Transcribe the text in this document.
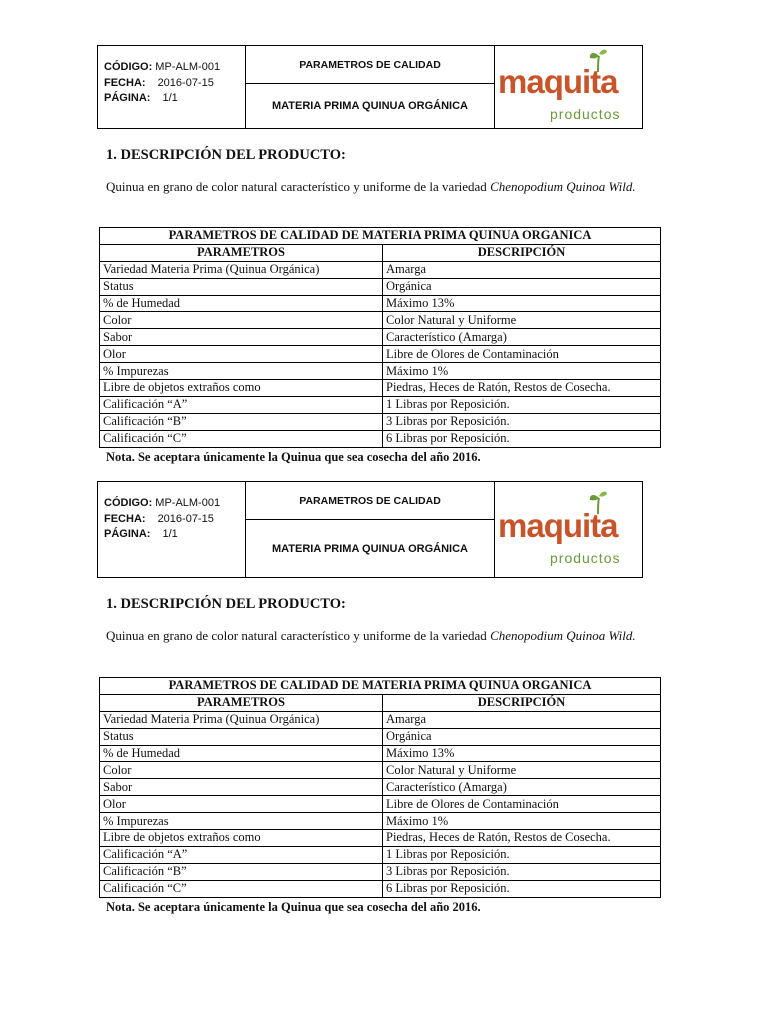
CÓDIGO: MP-ALM-001
FECHA: 2016-07-15
PÁGINA: 1/1
PARAMETROS DE CALIDAD
MATERIA PRIMA QUINUA ORGÁNICA
maquita
productos
1. DESCRIPCIÓN DEL PRODUCTO:
Quinua en grano de color natural característico y uniforme de la variedad Chenopodium Quinoa Wild.
PARAMETROS DE CALIDAD DE MATERIA PRIMA QUINUA ORGANICA	
PARAMETROS	DESCRIPCIÓN
Variedad Materia Prima (Quinua Orgánica)	Amarga
Status	Orgánica
% de Humedad	Máximo 13%
Color	Color Natural y Uniforme
Sabor	Característico (Amarga)
Olor	Libre de Olores de Contaminación
% Impurezas	Máximo 1%
Libre de objetos extraños como	Piedras, Heces de Ratón, Restos de Cosecha.
Calificación “A”	1 Libras por Reposición.
Calificación “B”	3 Libras por Reposición.
Calificación “C”	6 Libras por Reposición.
Nota. Se aceptara únicamente la Quinua que sea cosecha del año 2016.
CÓDIGO: MP-ALM-001
FECHA: 2016-07-15
PÁGINA: 1/1
PARAMETROS DE CALIDAD
MATERIA PRIMA QUINUA ORGÁNICA
maquita
productos
1. DESCRIPCIÓN DEL PRODUCTO:
Quinua en grano de color natural característico y uniforme de la variedad Chenopodium Quinoa Wild.
PARAMETROS DE CALIDAD DE MATERIA PRIMA QUINUA ORGANICA	
PARAMETROS	DESCRIPCIÓN
Variedad Materia Prima (Quinua Orgánica)	Amarga
Status	Orgánica
% de Humedad	Máximo 13%
Color	Color Natural y Uniforme
Sabor	Característico (Amarga)
Olor	Libre de Olores de Contaminación
% Impurezas	Máximo 1%
Libre de objetos extraños como	Piedras, Heces de Ratón, Restos de Cosecha.
Calificación “A”	1 Libras por Reposición.
Calificación “B”	3 Libras por Reposición.
Calificación “C”	6 Libras por Reposición.
Nota. Se aceptara únicamente la Quinua que sea cosecha del año 2016.
